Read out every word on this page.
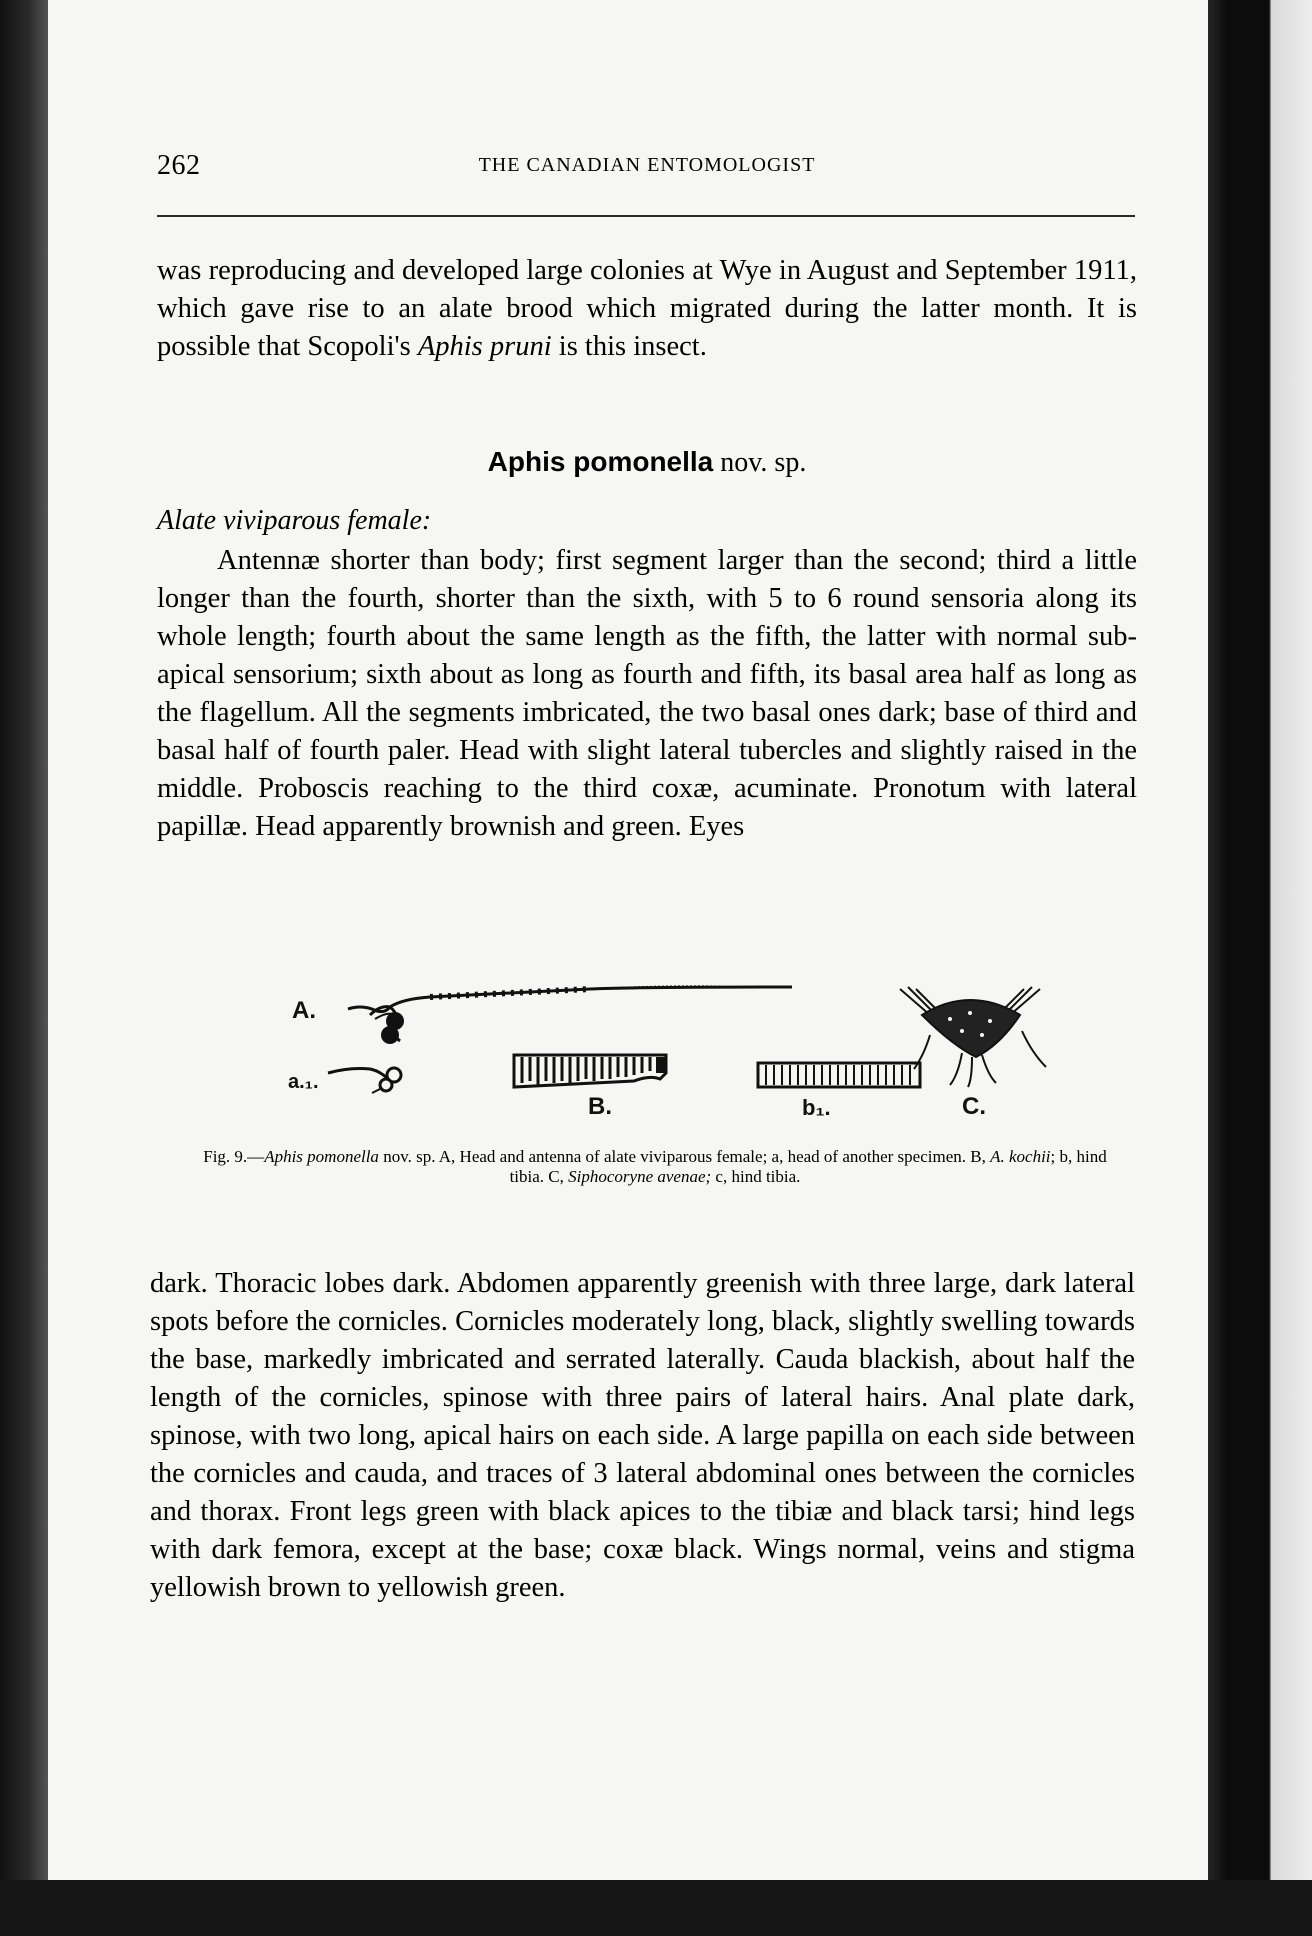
262	THE CANADIAN ENTOMOLOGIST

was reproducing and developed large colonies at Wye in August and September 1911, which gave rise to an alate brood which migrated during the latter month. It is possible that Scopoli's Aphis pruni is this insect.

Aphis pomonella nov. sp.
Alate viviparous female:

Antennæ shorter than body; first segment larger than the second; third a little longer than the fourth, shorter than the sixth, with 5 to 6 round sensoria along its whole length; fourth about the same length as the fifth, the latter with normal sub-apical sensorium; sixth about as long as fourth and fifth, its basal area half as long as the flagellum. All the segments imbricated, the two basal ones dark; base of third and basal half of fourth paler. Head with slight lateral tubercles and slightly raised in the middle. Proboscis reaching to the third coxæ, acuminate. Pronotum with lateral papillæ. Head apparently brownish and green. Eyes

A.
a.₁.
B.	b₁.	C.
Fig. 9.—Aphis pomonella nov. sp. A, Head and antenna of alate viviparous female; a, head of another specimen. B, A. kochii; b, hind tibia. C, Siphocoryne avenae; c, hind tibia.

dark. Thoracic lobes dark. Abdomen apparently greenish with three large, dark lateral spots before the cornicles. Cornicles moderately long, black, slightly swelling towards the base, markedly imbricated and serrated laterally. Cauda blackish, about half the length of the cornicles, spinose with three pairs of lateral hairs. Anal plate dark, spinose, with two long, apical hairs on each side. A large papilla on each side between the cornicles and cauda, and traces of 3 lateral abdominal ones between the cornicles and thorax. Front legs green with black apices to the tibiæ and black tarsi; hind legs with dark femora, except at the base; coxæ black. Wings normal, veins and stigma yellowish brown to yellowish green.
